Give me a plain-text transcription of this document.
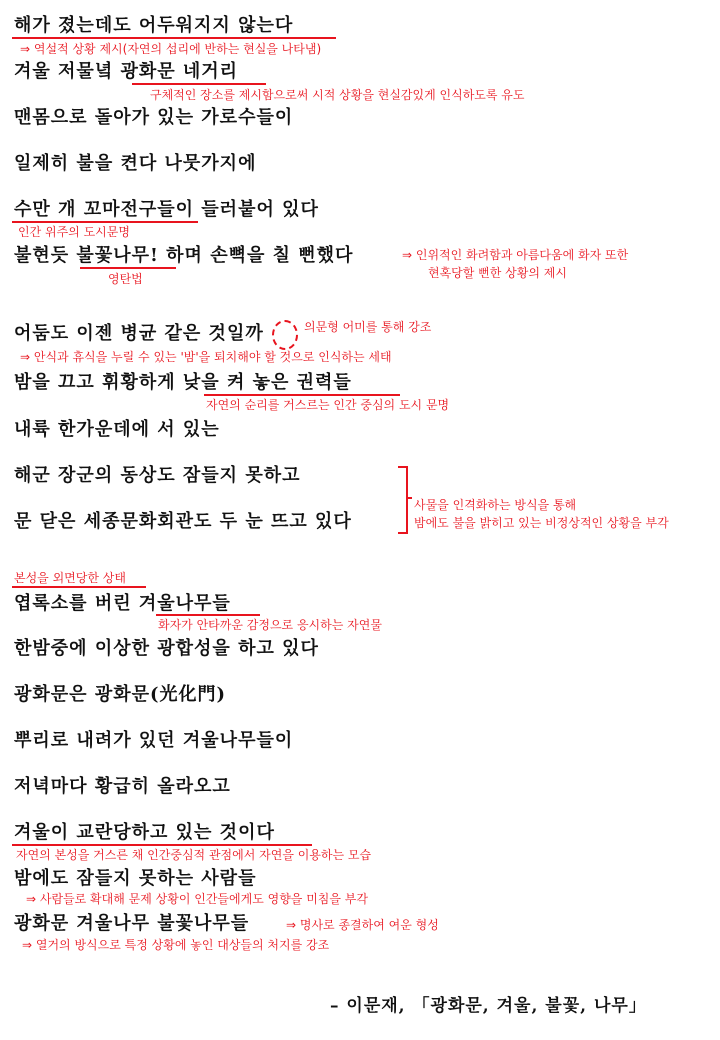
해가 졌는데도 어두워지지 않는다
⇒ 역설적 상황 제시(자연의 섭리에 반하는 현실을 나타냄)
겨울 저물녘 광화문 네거리
구체적인 장소를 제시함으로써 시적 상황을 현실감있게 인식하도록 유도
맨몸으로 돌아가 있는 가로수들이
일제히 불을 켠다 나뭇가지에
수만 개 꼬마전구들이 들러붙어 있다
인간 위주의 도시문명
불현듯 불꽃나무! 하며 손뼉을 칠 뻔했다	⇒ 인위적인 화려함과 아름다움에 화자 또한
현혹당할 뻔한 상황의 제시
영탄법
어둠도 이젠 병균 같은 것일까	의문형 어미를 통해 강조
⇒ 안식과 휴식을 누릴 수 있는 '밤'을 퇴치해야 할 것으로 인식하는 세태
밤을 끄고 휘황하게 낮을 켜 놓은 권력들
자연의 순리를 거스르는 인간 중심의 도시 문명
내륙 한가운데에 서 있는
해군 장군의 동상도 잠들지 못하고
문 닫은 세종문화회관도 두 눈 뜨고 있다
사물을 인격화하는 방식을 통해
밤에도 불을 밝히고 있는 비정상적인 상황을 부각
본성을 외면당한 상태
엽록소를 버린 겨울나무들
화자가 안타까운 감정으로 응시하는 자연물
한밤중에 이상한 광합성을 하고 있다
광화문은 광화문(光化門)
뿌리로 내려가 있던 겨울나무들이
저녁마다 황급히 올라오고
겨울이 교란당하고 있는 것이다
자연의 본성을 거스른 채 인간중심적 관점에서 자연을 이용하는 모습
밤에도 잠들지 못하는 사람들
⇒ 사람들로 확대해 문제 상황이 인간들에게도 영향을 미침을 부각
광화문 겨울나무 불꽃나무들	⇒ 명사로 종결하여 여운 형성
⇒ 열거의 방식으로 특정 상황에 놓인 대상들의 처지를 강조
– 이문재, 「광화문, 겨울, 불꽃, 나무」
